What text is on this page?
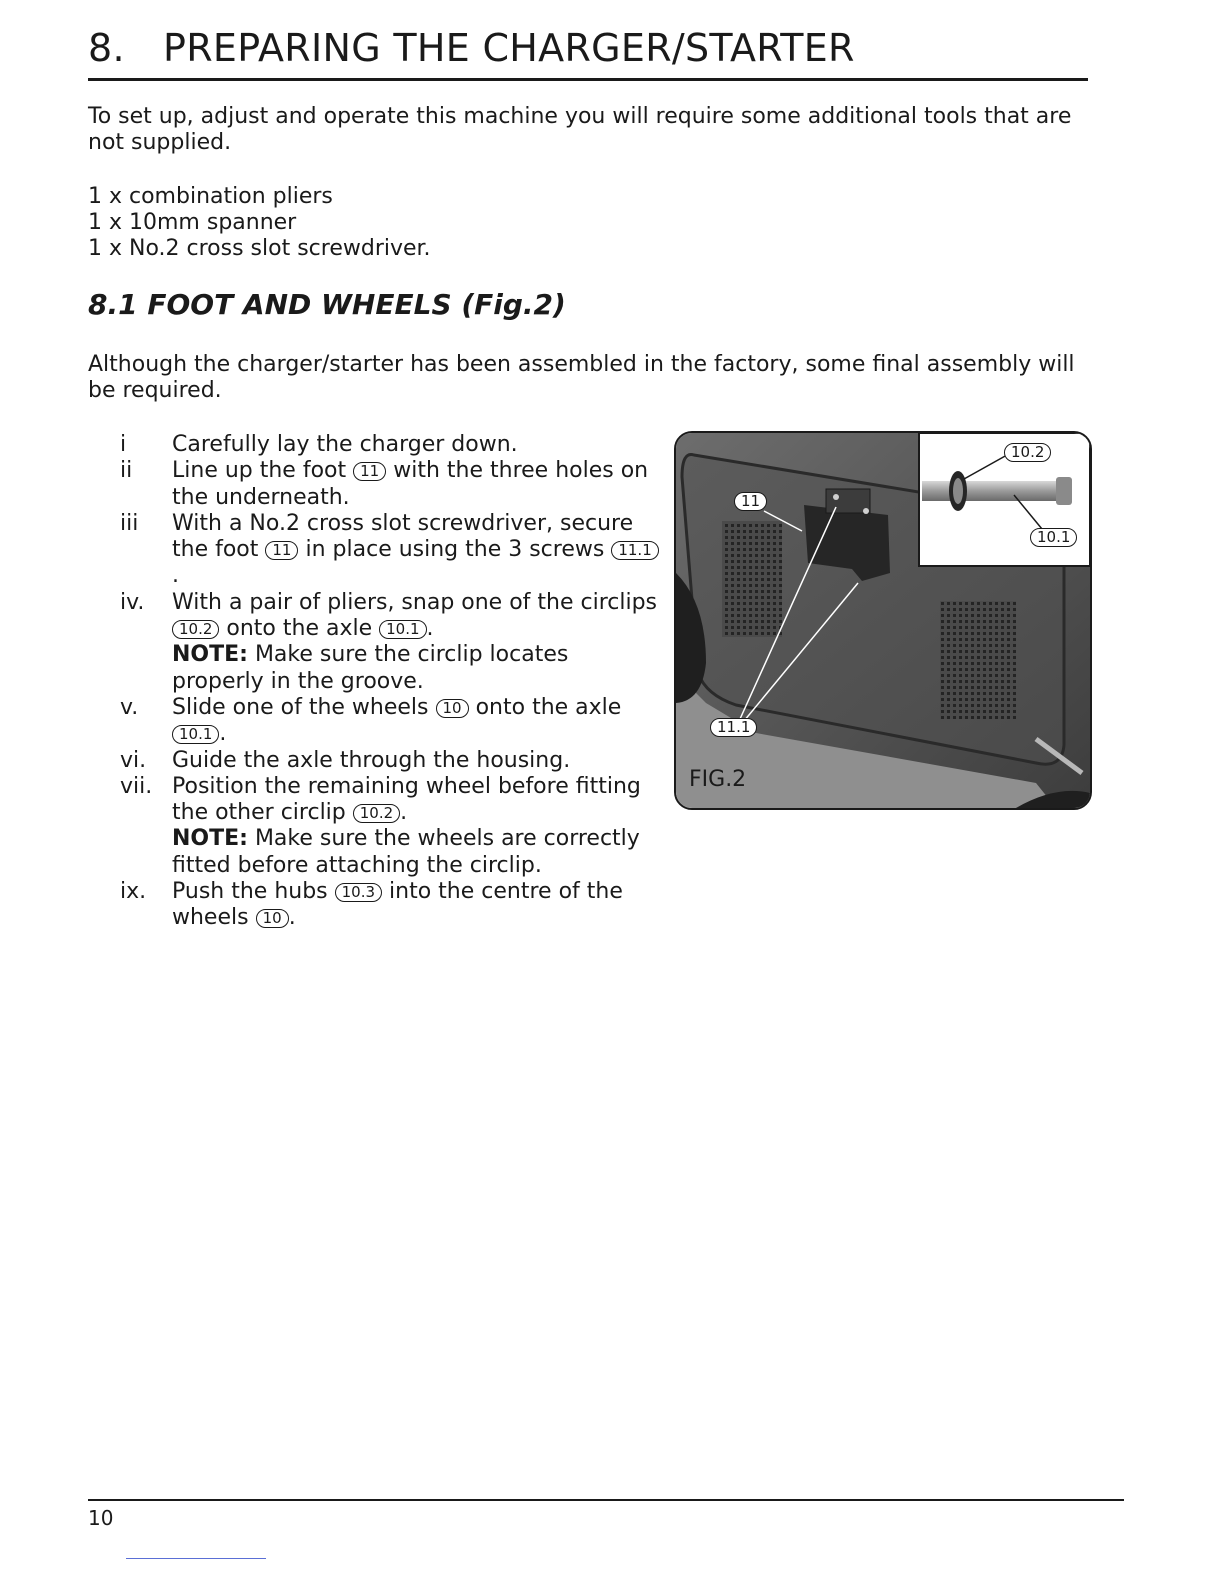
8. PREPARING THE CHARGER/STARTER

To set up, adjust and operate this machine you will require some additional tools that are not supplied.

1 x combination pliers
1 x 10mm spanner
1 x No.2 cross slot screwdriver.
8.1 FOOT AND WHEELS (Fig.2)

Although the charger/starter has been assembled in the factory, some final assembly will be required.

i	Carefully lay the charger down.
ii	Line up the foot 11 with the three holes on the underneath.
iii	With a No.2 cross slot screwdriver, secure the foot 11 in place using the 3 screws 11.1.
iv.	With a pair of pliers, snap one of the circlips 10.2 onto the axle 10.1 .
NOTE: Make sure the circlip locates properly in the groove.
v.	Slide one of the wheels 10 onto the axle 10.1 .
vi.	Guide the axle through the housing.
vii. Position the remaining wheel before fitting the other circlip 10.2 .
NOTE: Make sure the wheels are correctly fitted before attaching the circlip.
ix.	Push the hubs 10.3 into the centre of the wheels 10 .
10.2
10.1
11
11.1
FIG.2
10
